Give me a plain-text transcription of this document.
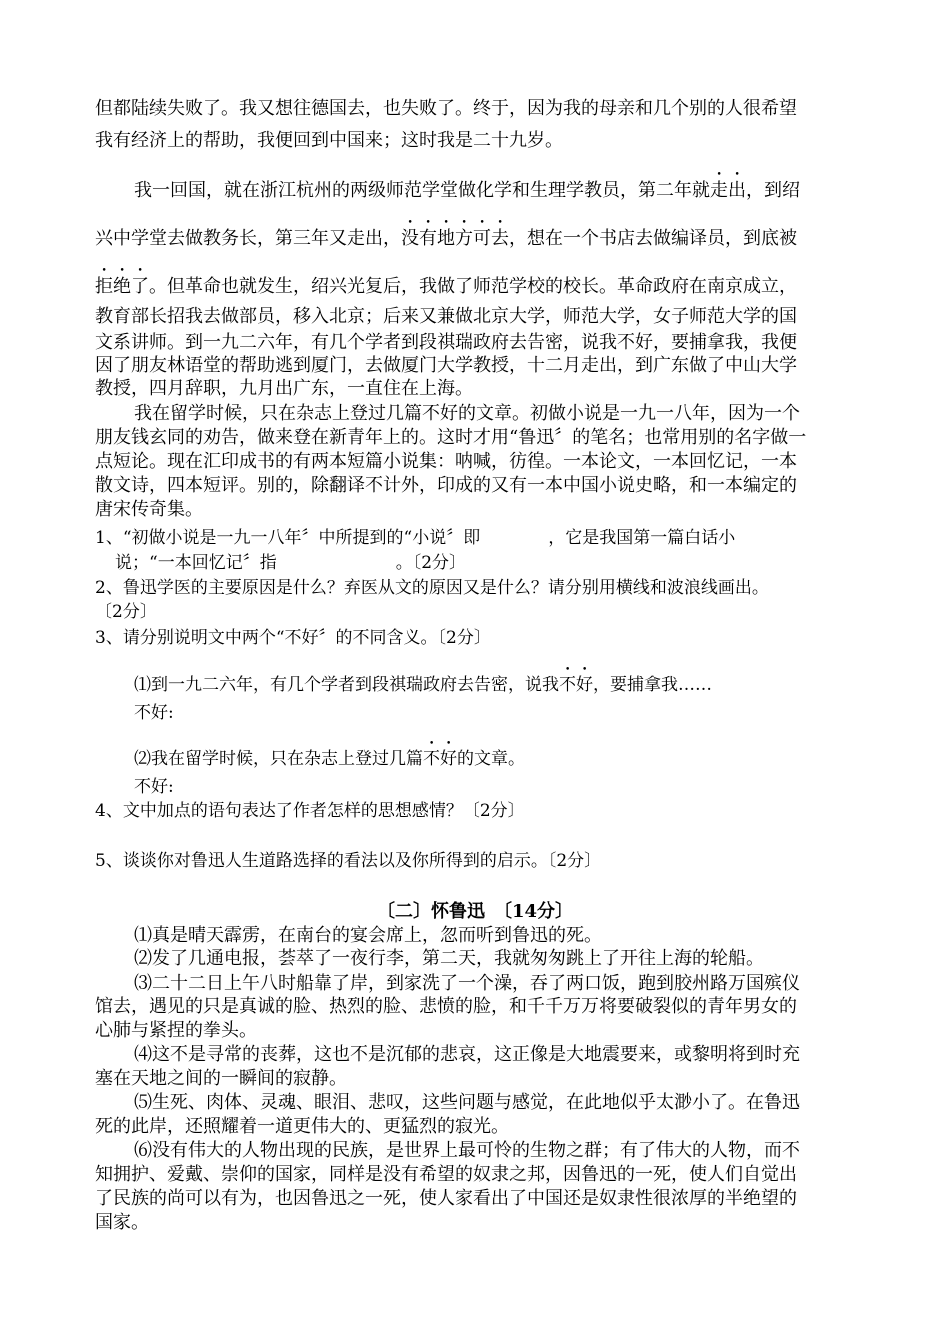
但都陆续失败了。我又想往德国去，也失败了。终于，因为我的母亲和几个别的人很希望
我有经济上的帮助，我便回到中国来；这时我是二十九岁。
我一回国，就在浙江杭州的两级师范学堂做化学和生理学教员，第二年就走出，到绍
兴中学堂去做教务长，第三年又走出，没有地方可去，想在一个书店去做编译员，到底被
拒绝了。但革命也就发生，绍兴光复后，我做了师范学校的校长。革命政府在南京成立，
教育部长招我去做部员，移入北京；后来又兼做北京大学，师范大学，女子师范大学的国
文系讲师。到一九二六年，有几个学者到段祺瑞政府去告密，说我不好，要捕拿我，我便
因了朋友林语堂的帮助逃到厦门，去做厦门大学教授，十二月走出，到广东做了中山大学
教授，四月辞职，九月出广东，一直住在上海。
我在留学时候，只在杂志上登过几篇不好的文章。初做小说是一九一八年，因为一个
朋友钱玄同的劝告，做来登在新青年上的。这时才用“鲁迅〞的笔名；也常用别的名字做一
点短论。现在汇印成书的有两本短篇小说集：呐喊，彷徨。一本论文，一本回忆记，一本
散文诗，四本短评。别的，除翻译不计外，印成的又有一本中国小说史略，和一本编定的
唐宋传奇集。
1、“初做小说是一九一八年〞中所提到的“小说〞即　　　　，它是我国第一篇白话小
说；“一本回忆记〞指　　　　　　　。〔2分〕
2、鲁迅学医的主要原因是什么？弃医从文的原因又是什么？请分别用横线和波浪线画出。
〔2分〕
3、请分别说明文中两个“不好〞的不同含义。〔2分〕
⑴到一九二六年，有几个学者到段祺瑞政府去告密，说我不好，要捕拿我……
不好:
⑵我在留学时候，只在杂志上登过几篇不好的文章。
不好:
4、文中加点的语句表达了作者怎样的思想感情？〔2分〕
5、谈谈你对鲁迅人生道路选择的看法以及你所得到的启示。〔2分〕
〔二〕怀鲁迅　〔14分〕
⑴真是晴天霹雳，在南台的宴会席上，忽而听到鲁迅的死。
⑵发了几通电报，荟萃了一夜行李，第二天，我就匆匆跳上了开往上海的轮船。
⑶二十二日上午八时船靠了岸，到家洗了一个澡，吞了两口饭，跑到胶州路万国殡仪
馆去，遇见的只是真诚的脸、热烈的脸、悲愤的脸，和千千万万将要破裂似的青年男女的
心肺与紧捏的拳头。
⑷这不是寻常的丧葬，这也不是沉郁的悲哀，这正像是大地震要来，或黎明将到时充
塞在天地之间的一瞬间的寂静。
⑸生死、肉体、灵魂、眼泪、悲叹，这些问题与感觉，在此地似乎太渺小了。在鲁迅
死的此岸，还照耀着一道更伟大的、更猛烈的寂光。
⑹没有伟大的人物出现的民族，是世界上最可怜的生物之群；有了伟大的人物，而不
知拥护、爱戴、崇仰的国家，同样是没有希望的奴隶之邦，因鲁迅的一死，使人们自觉出
了民族的尚可以有为，也因鲁迅之一死，使人家看出了中国还是奴隶性很浓厚的半绝望的
国家。
